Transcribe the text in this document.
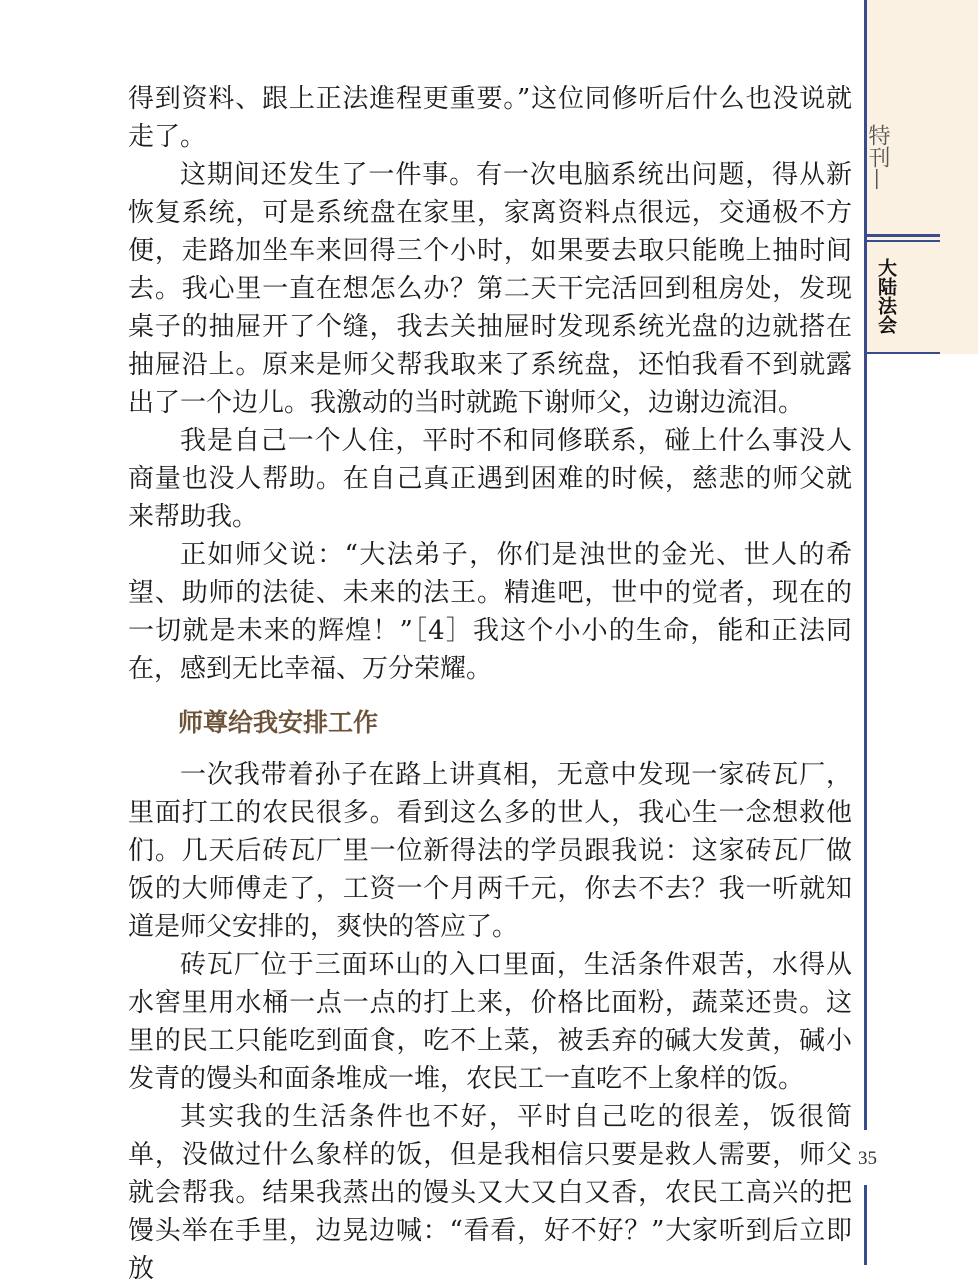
特刊—
大陆法会

得到资料、跟上正法進程更重要。”这位同修听后什么也没说就走了。

这期间还发生了一件事。有一次电脑系统出问题，得从新恢复系统，可是系统盘在家里，家离资料点很远，交通极不方便，走路加坐车来回得三个小时，如果要去取只能晚上抽时间去。我心里一直在想怎么办？第二天干完活回到租房处，发现桌子的抽屉开了个缝，我去关抽屉时发现系统光盘的边就搭在抽屉沿上。原来是师父帮我取来了系统盘，还怕我看不到就露出了一个边儿。我激动的当时就跪下谢师父，边谢边流泪。

我是自己一个人住，平时不和同修联系，碰上什么事没人商量也没人帮助。在自己真正遇到困难的时候，慈悲的师父就来帮助我。

正如师父说：“大法弟子，你们是浊世的金光、世人的希望、助师的法徒、未来的法王。精進吧，世中的觉者，现在的一切就是未来的辉煌！”［4］我这个小小的生命，能和正法同在，感到无比幸福、万分荣耀。

师尊给我安排工作

一次我带着孙子在路上讲真相，无意中发现一家砖瓦厂，里面打工的农民很多。看到这么多的世人，我心生一念想救他们。几天后砖瓦厂里一位新得法的学员跟我说：这家砖瓦厂做饭的大师傅走了，工资一个月两千元，你去不去？我一听就知道是师父安排的，爽快的答应了。

砖瓦厂位于三面环山的入口里面，生活条件艰苦，水得从水窖里用水桶一点一点的打上来，价格比面粉，蔬菜还贵。这里的民工只能吃到面食，吃不上菜，被丢弃的碱大发黄，碱小发青的馒头和面条堆成一堆，农民工一直吃不上象样的饭。

其实我的生活条件也不好，平时自己吃的很差，饭很简单，没做过什么象样的饭，但是我相信只要是救人需要，师父就会帮我。结果我蒸出的馒头又大又白又香，农民工高兴的把馒头举在手里，边晃边喊：“看看，好不好？”大家听到后立即放

35
